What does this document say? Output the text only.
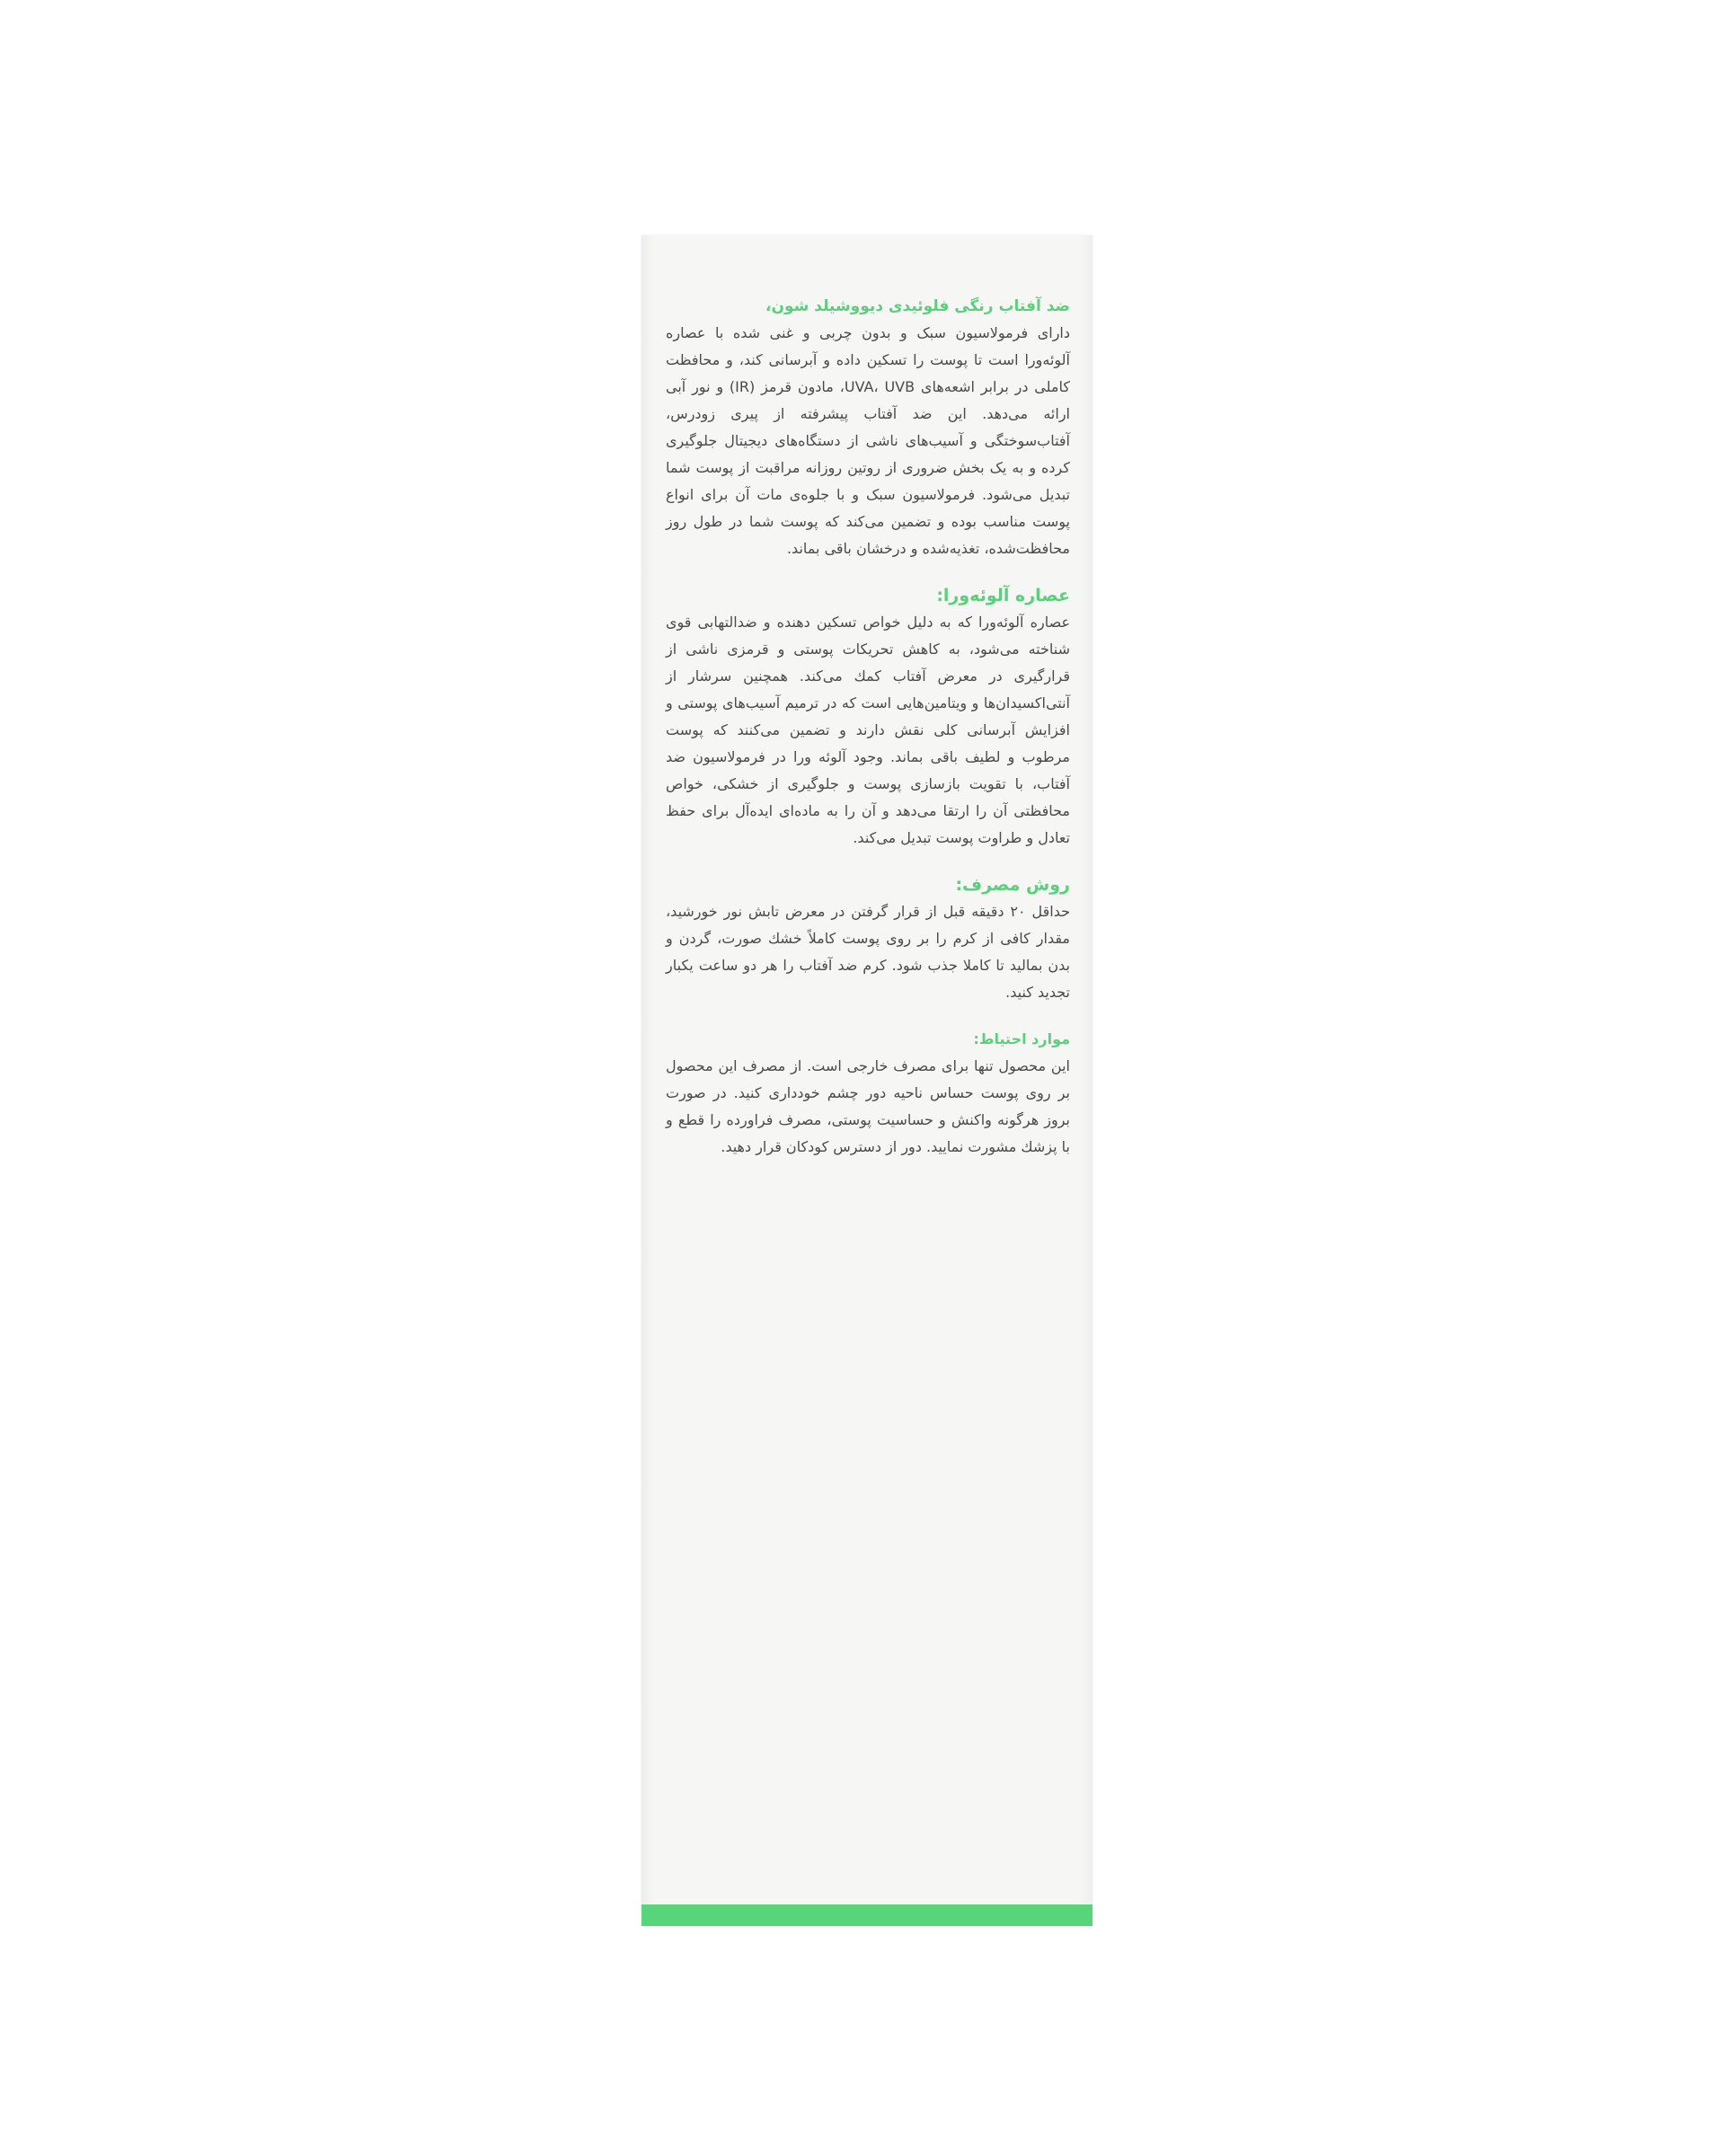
ضد آفتاب رنگی فلوئیدی دیووشیلد شون،

دارای فرمولاسیون سبک و بدون چربی و غنی شده با عصاره آلوئه‌ورا است تا پوست را تسکین داده و آبرسانی کند، و محافظت کاملی در برابر اشعه‌های UVA، UVB، مادون قرمز (IR) و نور آبی ارائه می‌دهد. این ضد آفتاب پیشرفته از پیری زودرس، آفتاب‌سوختگی و آسیب‌های ناشی از دستگاه‌های دیجیتال جلوگیری کرده و به یک بخش ضروری از روتین روزانه مراقبت از پوست شما تبدیل می‌شود. فرمولاسیون سبک و با جلوه‌ی مات آن برای انواع پوست مناسب بوده و تضمین می‌کند که پوست شما در طول روز محافظت‌شده، تغذیه‌شده و درخشان باقی بماند.

عصاره آلوئه‌ورا:

عصاره آلوئه‌ورا که به دلیل خواص تسکین دهنده و ضدالتهابی قوی شناخته می‌شود، به کاهش تحریکات پوستی و قرمزی ناشی از قرارگیری در معرض آفتاب کمك می‌کند. همچنین سرشار از آنتی‌اکسیدان‌ها و ویتامین‌هایی است که در ترمیم آسیب‌های پوستی و افزایش آبرسانی کلی نقش دارند و تضمین می‌کنند که پوست مرطوب و لطیف باقی بماند. وجود آلوئه ورا در فرمولاسیون ضد آفتاب، با تقویت بازسازی پوست و جلوگیری از خشکی، خواص محافظتی آن را ارتقا می‌دهد و آن را به ماده‌ای ایده‌آل برای حفظ تعادل و طراوت پوست تبدیل می‌کند.

روش مصرف:

حداقل ۲۰ دقیقه قبل از قرار گرفتن در معرض تابش نور خورشید، مقدار کافی از کرم را بر روی پوست کاملاً خشك صورت، گردن و بدن بمالید تا کاملا جذب شود. کرم ضد آفتاب را هر دو ساعت یکبار تجدید کنید.

موارد احتیاط:

این محصول تنها برای مصرف خارجی است. از مصرف این محصول بر روی پوست حساس ناحیه دور چشم خودداری کنید. در صورت بروز هرگونه واکنش و حساسیت پوستی، مصرف فراورده را قطع و با پزشك مشورت نمایید. دور از دسترس کودکان قرار دهید.
